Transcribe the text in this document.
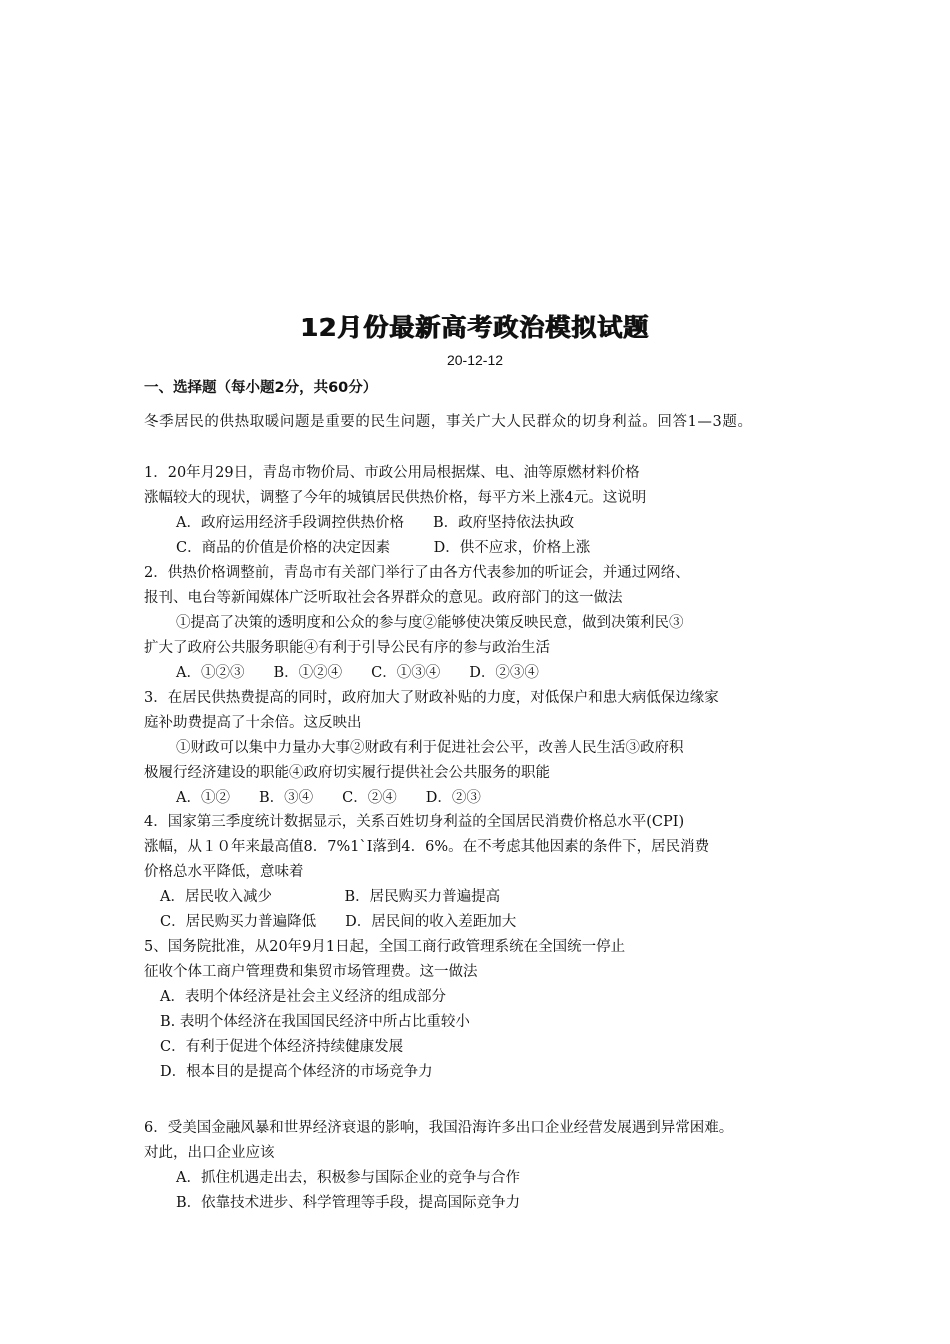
12月份最新高考政治模拟试题
20-12-12
一、选择题（每小题2分，共60分）
冬季居民的供热取暖问题是重要的民生问题，事关广大人民群众的切身利益。回答1—3题。
1．20年月29日，青岛市物价局、市政公用局根据煤、电、油等原燃材料价格
涨幅较大的现状，调整了今年的城镇居民供热价格，每平方米上涨4元。这说明
A．政府运用经济手段调控供热价格　　B．政府坚持依法执政
C．商品的价值是价格的决定因素　　　D．供不应求，价格上涨
2．供热价格调整前，青岛市有关部门举行了由各方代表参加的听证会，并通过网络、
报刊、电台等新闻媒体广泛听取社会各界群众的意见。政府部门的这一做法
①提高了决策的透明度和公众的参与度②能够使决策反映民意，做到决策利民③
扩大了政府公共服务职能④有利于引导公民有序的参与政治生活
A．①②③　　B．①②④　　C．①③④　　D．②③④
3．在居民供热费提高的同时，政府加大了财政补贴的力度，对低保户和患大病低保边缘家
庭补助费提高了十余倍。这反映出
①财政可以集中力量办大事②财政有利于促进社会公平，改善人民生活③政府积
极履行经济建设的职能④政府切实履行提供社会公共服务的职能
A．①②　　B．③④　　C．②④　　D．②③
4．国家第三季度统计数据显示，关系百姓切身利益的全国居民消费价格总水平(CPI)
涨幅，从１０年来最高值8．7%1`I落到4．6%。在不考虑其他因素的条件下，居民消费
价格总水平降低，意味着
A．居民收入减少　　　　　B．居民购买力普遍提高
C．居民购买力普遍降低　　D．居民间的收入差距加大
5、国务院批准，从20年9月1日起，全国工商行政管理系统在全国统一停止
征收个体工商户管理费和集贸市场管理费。这一做法
A．表明个体经济是社会主义经济的组成部分
B. 表明个体经济在我国国民经济中所占比重较小
C．有利于促进个体经济持续健康发展
D．根本目的是提高个体经济的市场竞争力
6．受美国金融风暴和世界经济衰退的影响，我国沿海许多出口企业经营发展遇到异常困难。
对此，出口企业应该
A．抓住机遇走出去，积极参与国际企业的竞争与合作
B．依靠技术进步、科学管理等手段，提高国际竞争力
